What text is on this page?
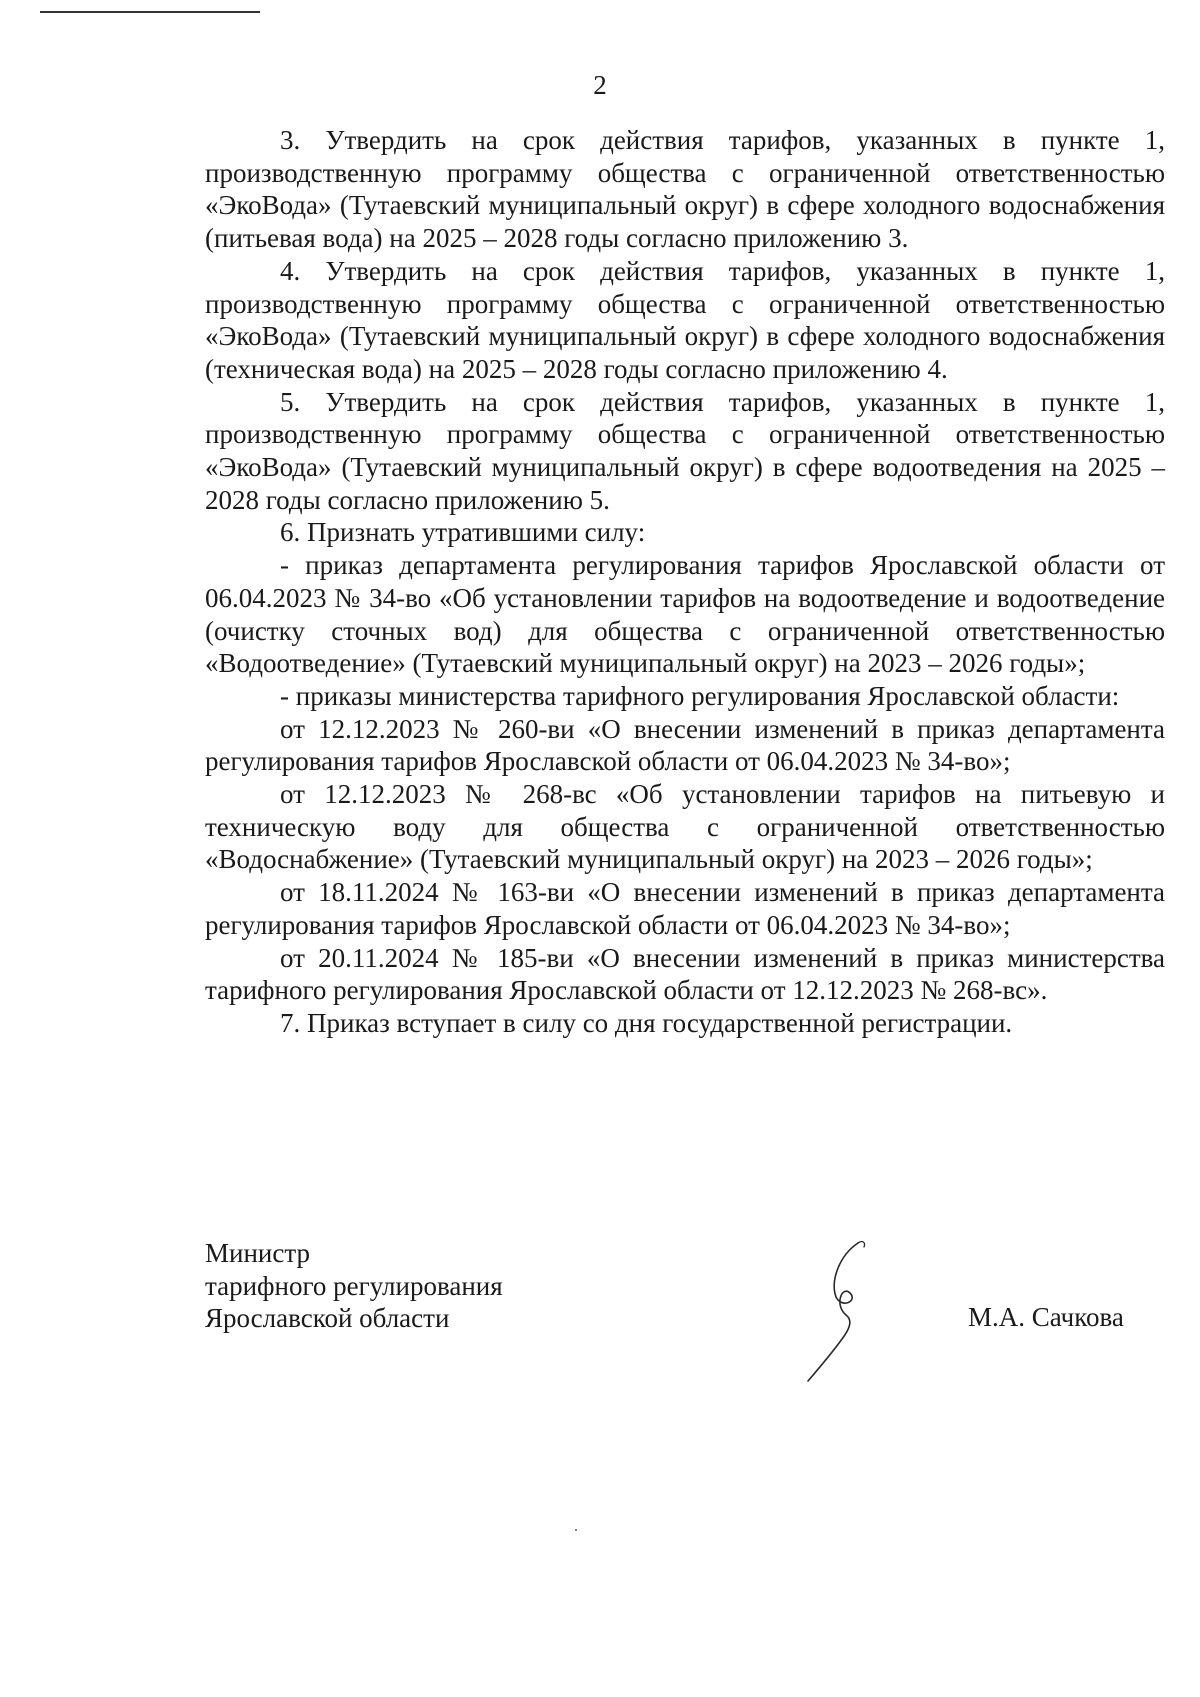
2

3. Утвердить на срок действия тарифов, указанных в пункте 1, производственную программу общества с ограниченной ответственностью «ЭкоВода» (Тутаевский муниципальный округ) в сфере холодного водоснабжения (питьевая вода) на 2025 – 2028 годы согласно приложению 3.

4. Утвердить на срок действия тарифов, указанных в пункте 1, производственную программу общества с ограниченной ответственностью «ЭкоВода» (Тутаевский муниципальный округ) в сфере холодного водоснабжения (техническая вода) на 2025 – 2028 годы согласно приложению 4.

5. Утвердить на срок действия тарифов, указанных в пункте 1, производственную программу общества с ограниченной ответственностью «ЭкоВода» (Тутаевский муниципальный округ) в сфере водоотведения на 2025 – 2028 годы согласно приложению 5.

6. Признать утратившими силу:

- приказ департамента регулирования тарифов Ярославской области от 06.04.2023 № 34-во «Об установлении тарифов на водоотведение и водоотведение (очистку сточных вод) для общества с ограниченной ответственностью «Водоотведение» (Тутаевский муниципальный округ) на 2023 – 2026 годы»;

- приказы министерства тарифного регулирования Ярославской области:

от 12.12.2023 № 260-ви «О внесении изменений в приказ департамента регулирования тарифов Ярославской области от 06.04.2023 № 34-во»;

от 12.12.2023 № 268-вс «Об установлении тарифов на питьевую и техническую воду для общества с ограниченной ответственностью «Водоснабжение» (Тутаевский муниципальный округ) на 2023 – 2026 годы»;

от 18.11.2024 № 163-ви «О внесении изменений в приказ департамента регулирования тарифов Ярославской области от 06.04.2023 № 34-во»;

от 20.11.2024 № 185-ви «О внесении изменений в приказ министерства тарифного регулирования Ярославской области от 12.12.2023 № 268-вс».

7. Приказ вступает в силу со дня государственной регистрации.

Министр
тарифного регулирования
Ярославской области	М.А. Сачкова
